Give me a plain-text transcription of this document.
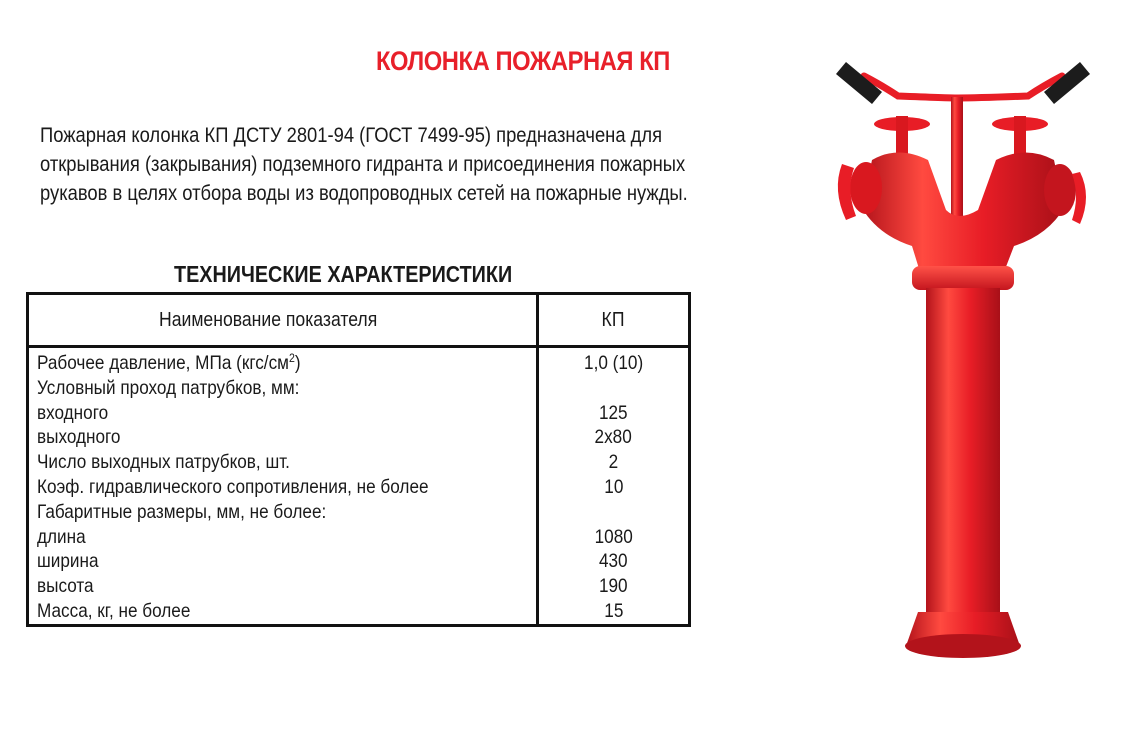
КОЛОНКА ПОЖАРНАЯ КП

Пожарная колонка КП ДСТУ 2801-94 (ГОСТ 7499-95) предназначена для

открывания (закрывания) подземного гидранта и присоединения пожарных

рукавов в целях отбора воды из водопроводных сетей на пожарные нужды.

ТЕХНИЧЕСКИЕ ХАРАКТЕРИСТИКИ
Наименование показателя	КП
Рабочее давление, МПа $(кгс/см^2)$	1,0 (10)
Условный проход патрубков, мм:	
входного	125
выходного	2х80
Число выходных патрубков, шт.	2
Коэф. гидравлического сопротивления, не более	10
Габаритные размеры, мм, не более:	
длина	1080
ширина	430
высота	190
Масса, кг, не более	15
